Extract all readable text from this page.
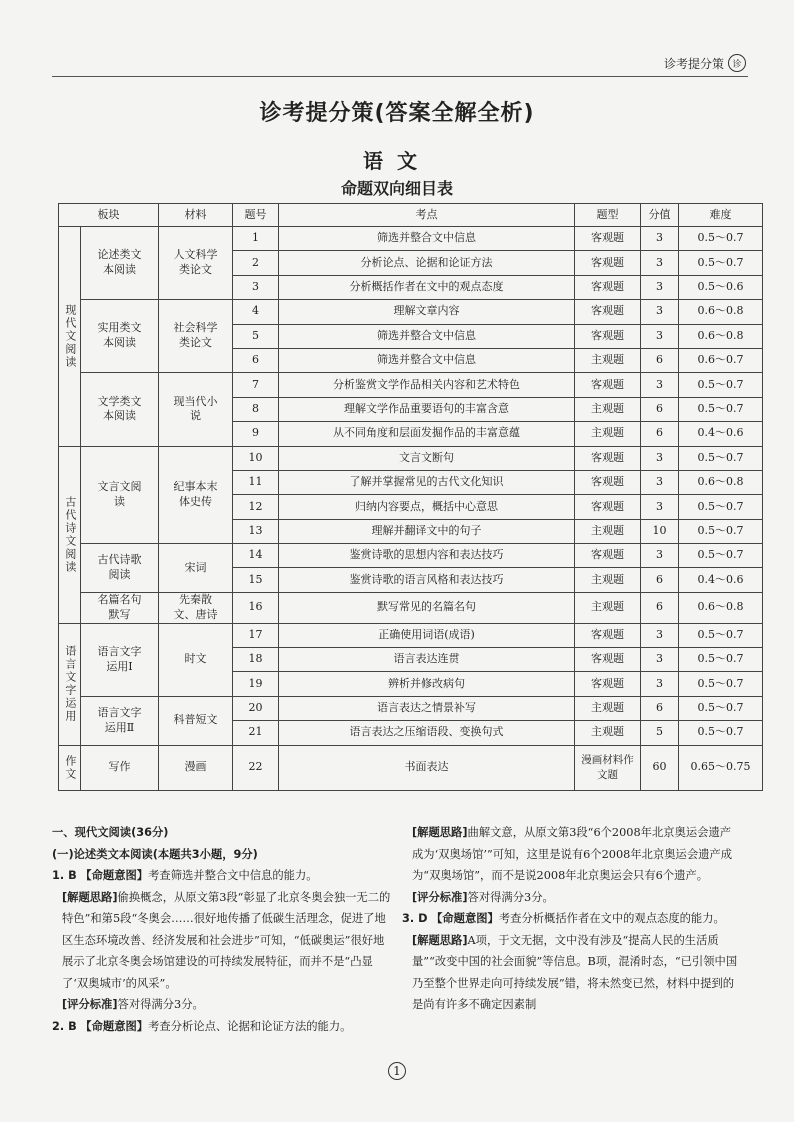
诊考提分策 诊
诊考提分策(答案全解全析)
语文
命题双向细目表
板块		材料	题号	考点	题型	分值	难度

现代文阅读	论述类文本阅读	人文科学类论文	1	筛选并整合文中信息	客观题	3	0.5～0.7
			2	分析论点、论据和论证方法	客观题	3	0.5～0.7
			3	分析概括作者在文中的观点态度	客观题	3	0.5～0.6
	实用类文本阅读	社会科学类论文	4	理解文章内容	客观题	3	0.6～0.8
			5	筛选并整合文中信息	客观题	3	0.6～0.8
			6	筛选并整合文中信息	主观题	6	0.6～0.7
	文学类文本阅读	现当代小说	7	分析鉴赏文学作品相关内容和艺术特色	客观题	3	0.5～0.7
			8	理解文学作品重要语句的丰富含意	主观题	6	0.5～0.7
			9	从不同角度和层面发掘作品的丰富意蕴	主观题	6	0.4～0.6

古代诗文阅读	文言文阅读	纪事本末体史传	10	文言文断句	客观题	3	0.5～0.7
			11	了解并掌握常见的古代文化知识	客观题	3	0.6～0.8
			12	归纳内容要点，概括中心意思	客观题	3	0.5～0.7
			13	理解并翻译文中的句子	主观题	10	0.5～0.7
	古代诗歌阅读	宋词	14	鉴赏诗歌的思想内容和表达技巧	客观题	3	0.5～0.7
			15	鉴赏诗歌的语言风格和表达技巧	主观题	6	0.4～0.6
	名篇名句默写	先秦散文、唐诗	16	默写常见的名篇名句	主观题	6	0.6～0.8

语言文字运用	语言文字运用Ⅰ	时文	17	正确使用词语(成语)	客观题	3	0.5～0.7
			18	语言表达连贯	客观题	3	0.5～0.7
			19	辨析并修改病句	客观题	3	0.5～0.7
	语言文字运用Ⅱ	科普短文	20	语言表达之情景补写	主观题	6	0.5～0.7
			21	语言表达之压缩语段、变换句式	主观题	5	0.5～0.7

作文	写作	漫画	22	书面表达	漫画材料作文题	60	0.65～0.75

一、现代文阅读(36分)

(一)论述类文本阅读(本题共3小题，9分)

1. B 【命题意图】考查筛选并整合文中信息的能力。

[解题思路]偷换概念，从原文第3段“彰显了北京冬奥会独一无二的特色”和第5段“冬奥会……很好地传播了低碳生活理念，促进了地区生态环境改善、经济发展和社会进步”可知，“低碳奥运”很好地展示了北京冬奥会场馆建设的可持续发展特征，而并不是“凸显了‘双奥城市’的风采”。

[评分标准]答对得满分3分。

2. B 【命题意图】考查分析论点、论据和论证方法的能力。

[解题思路]曲解文意，从原文第3段“6个2008年北京奥运会遗产成为‘双奥场馆’”可知，这里是说有6个2008年北京奥运会遗产成为“双奥场馆”，而不是说2008年北京奥运会只有6个遗产。

[评分标准]答对得满分3分。

3. D 【命题意图】考查分析概括作者在文中的观点态度的能力。

[解题思路]A项，于文无据，文中没有涉及“提高人民的生活质量”“改变中国的社会面貌”等信息。B项，混淆时态，“已引领中国乃至整个世界走向可持续发展”错，将未然变已然，材料中提到的是尚有许多不确定因素制

1
